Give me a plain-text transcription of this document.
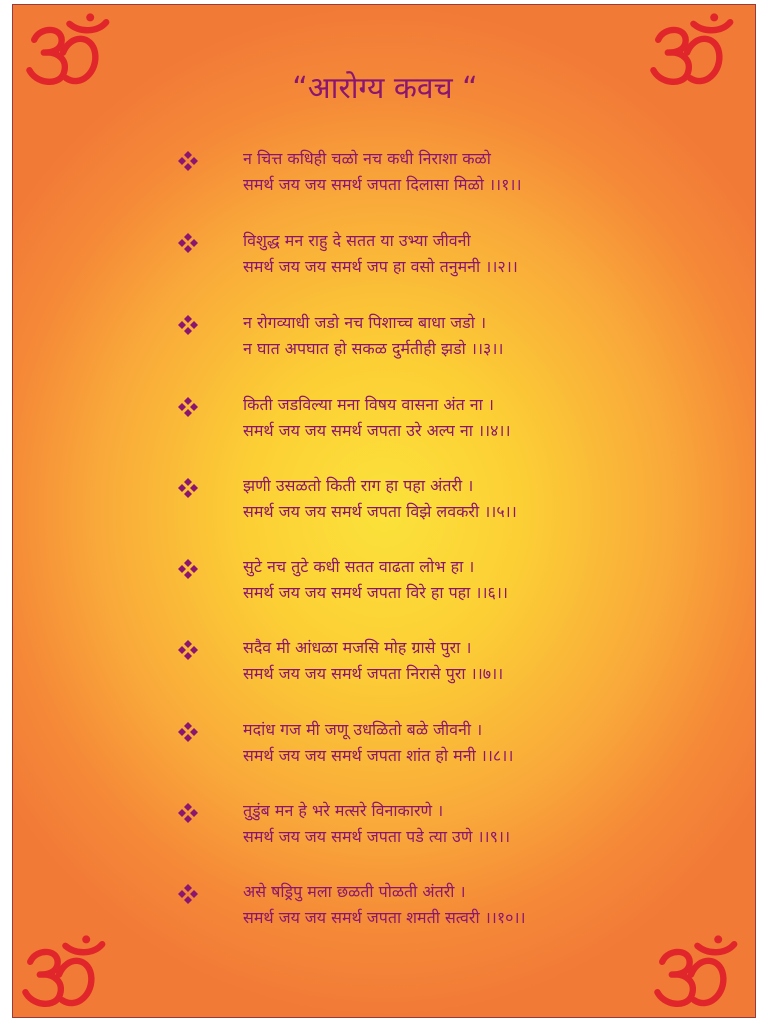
“आरोग्य कवच “
न चित्त कधिही चळो नच कधी निराशा कळो
समर्थ जय जय समर्थ जपता दिलासा मिळो ।।१।।
विशुद्ध मन राहु दे सतत या उभ्या जीवनी
समर्थ जय जय समर्थ जप हा वसो तनुमनी ।।२।।
न रोगव्याधी जडो नच पिशाच्च बाधा जडो ।
न घात अपघात हो सकळ दुर्मतीही झडो ।।३।।
किती जडविल्या मना विषय वासना अंत ना ।
समर्थ जय जय समर्थ जपता उरे अल्प ना ।।४।।
झणी उसळतो किती राग हा पहा अंतरी ।
समर्थ जय जय समर्थ जपता विझे लवकरी ।।५।।
सुटे नच तुटे कधी सतत वाढता लोभ हा ।
समर्थ जय जय समर्थ जपता विरे हा पहा ।।६।।
सदैव मी आंधळा मजसि मोह ग्रासे पुरा ।
समर्थ जय जय समर्थ जपता निरासे पुरा ।।७।।
मदांध गज मी जणू उधळितो बळे जीवनी ।
समर्थ जय जय समर्थ जपता शांत हो मनी ।।८।।
तुडुंब मन हे भरे मत्सरे विनाकारणे ।
समर्थ जय जय समर्थ जपता पडे त्या उणे ।।९।।
असे षड्रिपु मला छळती पोळती अंतरी ।
समर्थ जय जय समर्थ जपता शमती सत्वरी ।।१०।।
